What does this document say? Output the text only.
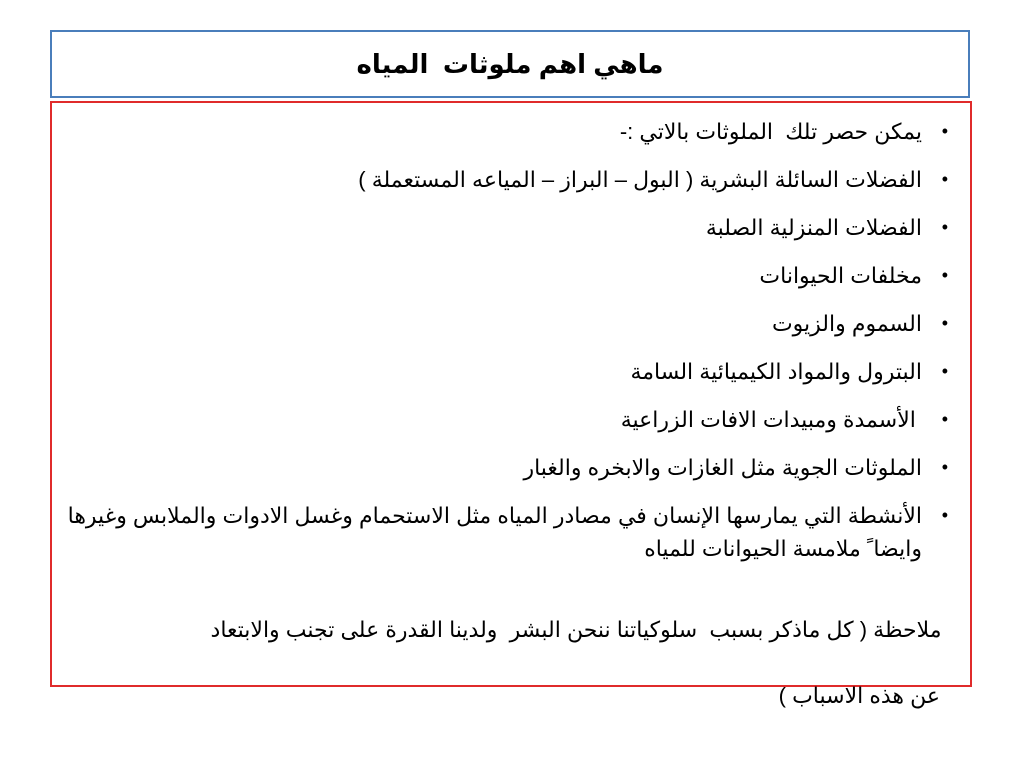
ماهي اهم ملوثات  المياه
•
يمكن حصر تلك  الملوثات بالاتي :-
•
الفضلات السائلة البشرية ( البول – البراز – المياعه المستعملة )
•
الفضلات المنزلية الصلبة
•
مخلفات الحيوانات
•
السموم والزيوت
•
البترول والمواد الكيميائية السامة
•
الأسمدة ومبيدات الافات الزراعية
•
الملوثات الجوية مثل الغازات والابخره والغبار
•
الأنشطة التي يمارسها الإنسان في مصادر المياه مثل الاستحمام وغسل الادوات والملابس وغيرها وايضا ً ملامسة الحيوانات للمياه

ملاحظة ( كل ماذكر بسبب  سلوكياتنا ننحن البشر  ولدينا القدرة على تجنب والابتعاد

عن هذه الاسباب )
